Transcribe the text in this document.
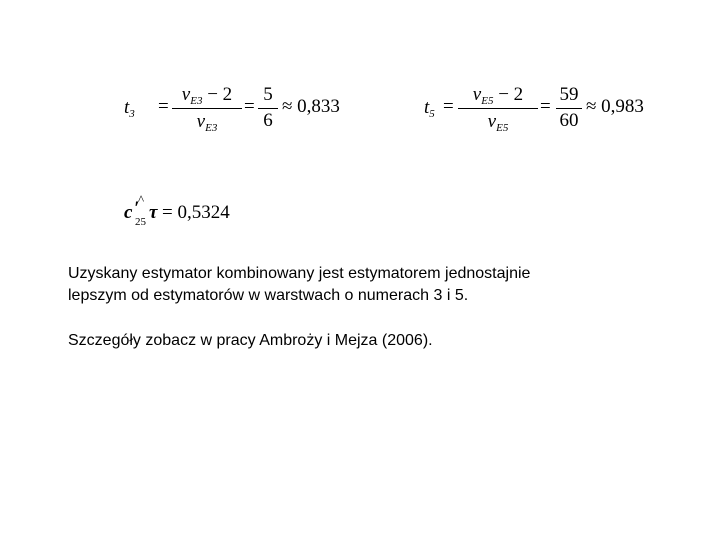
$t_3$ =
$v_{E3} - 2$
$v_{E3}$
=
5
6
≈ 0,833	$t_5$ =
$v_{E5} - 2$
$v_{E5}$
=
59
60
≈ 0,983
^
c ′
25 τ = 0,5324
Uzyskany estymator kombinowany jest estymatorem jednostajnie
lepszym od estymatorów w warstwach o numerach 3 i 5.
Szczegóły zobacz w pracy Ambroży i Mejza (2006).
